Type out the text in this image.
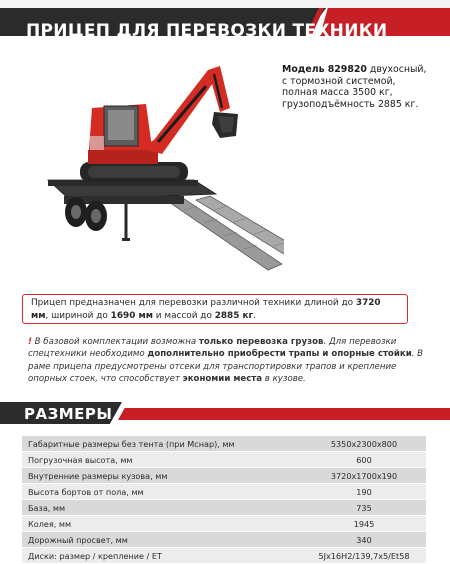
ПРИЦЕП ДЛЯ ПЕРЕВОЗКИ ТЕХНИКИ
Модель 829820 двухосный,
с тормозной системой,
полная масса 3500 кг,
грузоподъёмность 2885 кг.
Прицеп предназначен для перевозки различной техники длиной до 3720 мм, шириной до 1690 мм и массой до 2885 кг.
! В базовой комплектации возможна только перевозка грузов. Для перевозки спецтехники необходимо дополнительно приобрести трапы и опорные стойки. В раме прицепа предусмотрены отсеки для транспортировки трапов и крепление опорных стоек, что способствует экономии места в кузове.
РАЗМЕРЫ
Габаритные размеры без тента (при Мснар), мм	5350x2300x800
Погрузочная высота, мм	600
Внутренние размеры кузова, мм	3720x1700x190
Высота бортов от пола, мм	190
База, мм	735
Колея, мм	1945
Дорожный просвет, мм	340
Диски: размер / крепление / ET	5Jx16H2/139,7x5/Et58
